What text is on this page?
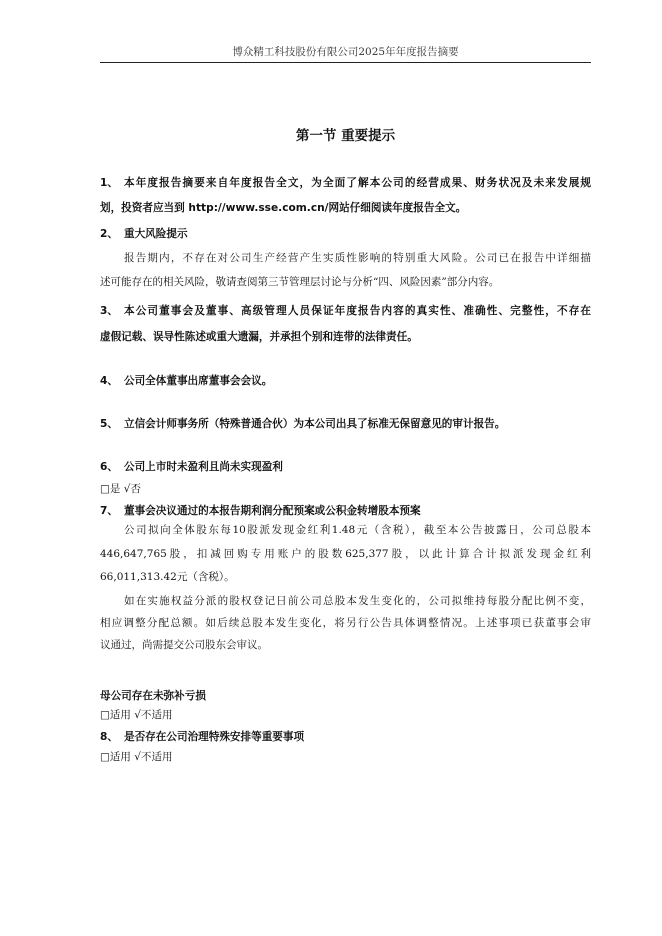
博众精工科技股份有限公司2025年年度报告摘要
第一节 重要提示
1、 本年度报告摘要来自年度报告全文，为全面了解本公司的经营成果、财务状况及未来发展规
划，投资者应当到 http://www.sse.com.cn/网站仔细阅读年度报告全文。
2、 重大风险提示
报告期内，不存在对公司生产经营产生实质性影响的特别重大风险。公司已在报告中详细描
述可能存在的相关风险，敬请查阅第三节管理层讨论与分析“四、风险因素”部分内容。
3、 本公司董事会及董事、高级管理人员保证年度报告内容的真实性、准确性、完整性，不存在
虚假记载、误导性陈述或重大遗漏，并承担个别和连带的法律责任。
4、 公司全体董事出席董事会会议。
5、 立信会计师事务所（特殊普通合伙）为本公司出具了标准无保留意见的审计报告。
6、 公司上市时未盈利且尚未实现盈利
□是 √否
7、 董事会决议通过的本报告期利润分配预案或公积金转增股本预案
公司拟向全体股东每10股派发现金红利1.48元（含税），截至本公告披露日，公司总股本
446,647,765股，扣减回购专用账户的股数625,377股，以此计算合计拟派发现金红利
66,011,313.42元（含税）。
如在实施权益分派的股权登记日前公司总股本发生变化的，公司拟维持每股分配比例不变，
相应调整分配总额。如后续总股本发生变化，将另行公告具体调整情况。上述事项已获董事会审
议通过，尚需提交公司股东会审议。
母公司存在未弥补亏损
□适用 √不适用
8、 是否存在公司治理特殊安排等重要事项
□适用 √不适用
